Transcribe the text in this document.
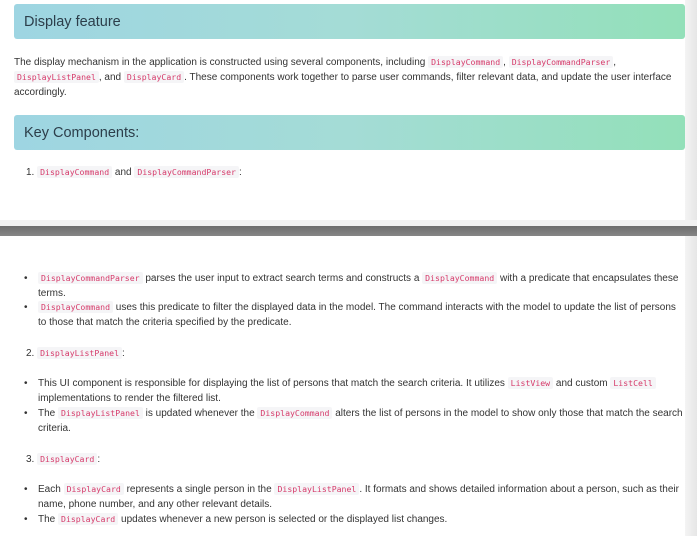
Display feature
The display mechanism in the application is constructed using several components, including DisplayCommand , DisplayCommandParser , DisplayListPanel , and DisplayCard . These components work together to parse user commands, filter relevant data, and update the user interface accordingly.
Key Components:
1. DisplayCommand and DisplayCommandParser :
•	DisplayCommandParser parses the user input to extract search terms and constructs a DisplayCommand with a predicate that encapsulates these terms.
•	DisplayCommand uses this predicate to filter the displayed data in the model. The command interacts with the model to update the list of persons to those that match the criteria specified by the predicate.
2. DisplayListPanel :
•	This UI component is responsible for displaying the list of persons that match the search criteria. It utilizes ListView and custom ListCell implementations to render the filtered list.
•	The DisplayListPanel is updated whenever the DisplayCommand alters the list of persons in the model to show only those that match the search criteria.
3. DisplayCard :
•	Each DisplayCard represents a single person in the DisplayListPanel . It formats and shows detailed information about a person, such as their name, phone number, and any other relevant details.
•	The DisplayCard updates whenever a new person is selected or the displayed list changes.
